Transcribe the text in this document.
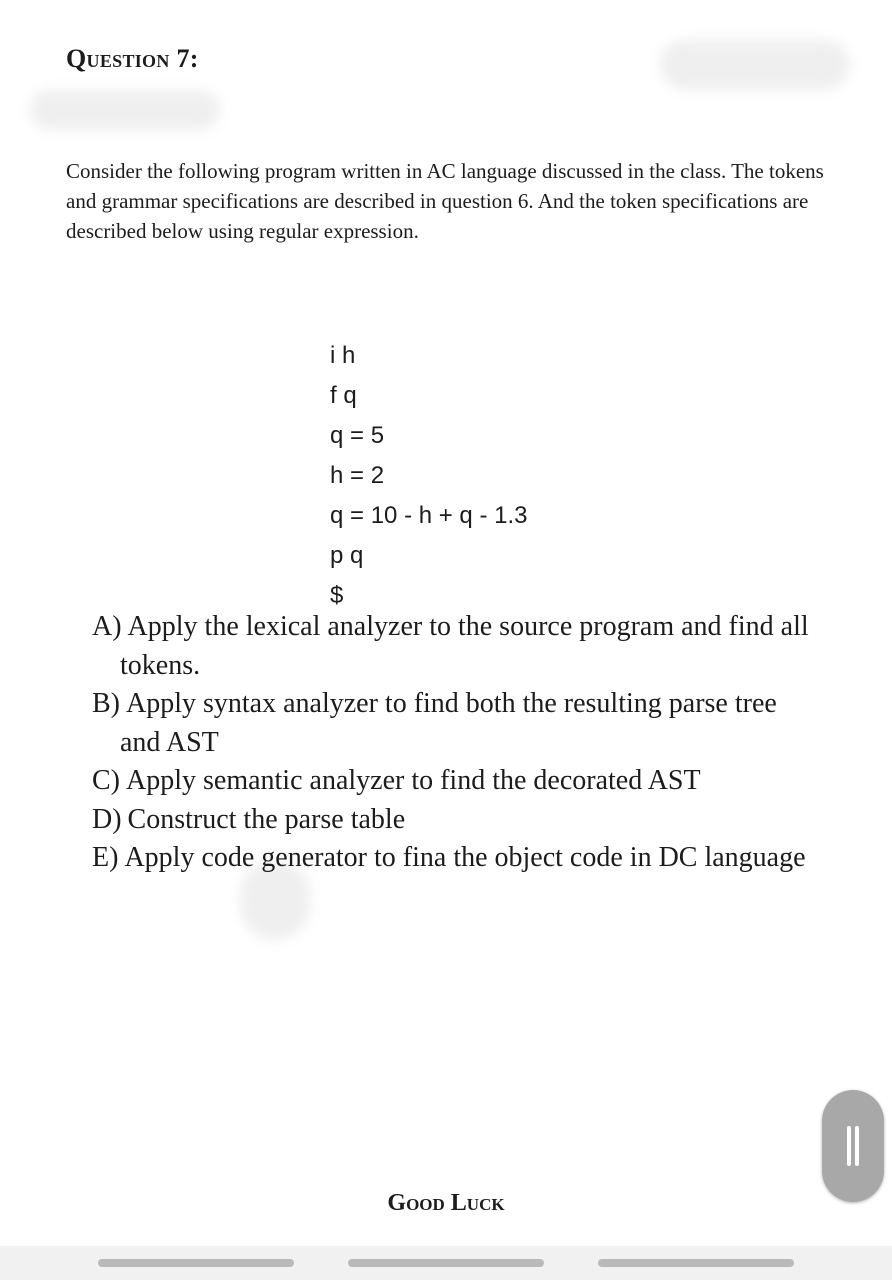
Question 7:

Consider the following program written in AC language discussed in the class. The tokens and grammar specifications are described in question 6. And the token specifications are described below using regular expression.

i h
f q
q = 5
h = 2
q = 10 - h + q - 1.3
p q
$
A) Apply the lexical analyzer to the source program and find all tokens.
B) Apply syntax analyzer to find both the resulting parse tree and AST
C) Apply semantic analyzer to find the decorated AST
D) Construct the parse table
E) Apply code generator to fina the object code in DC language

Good Luck
